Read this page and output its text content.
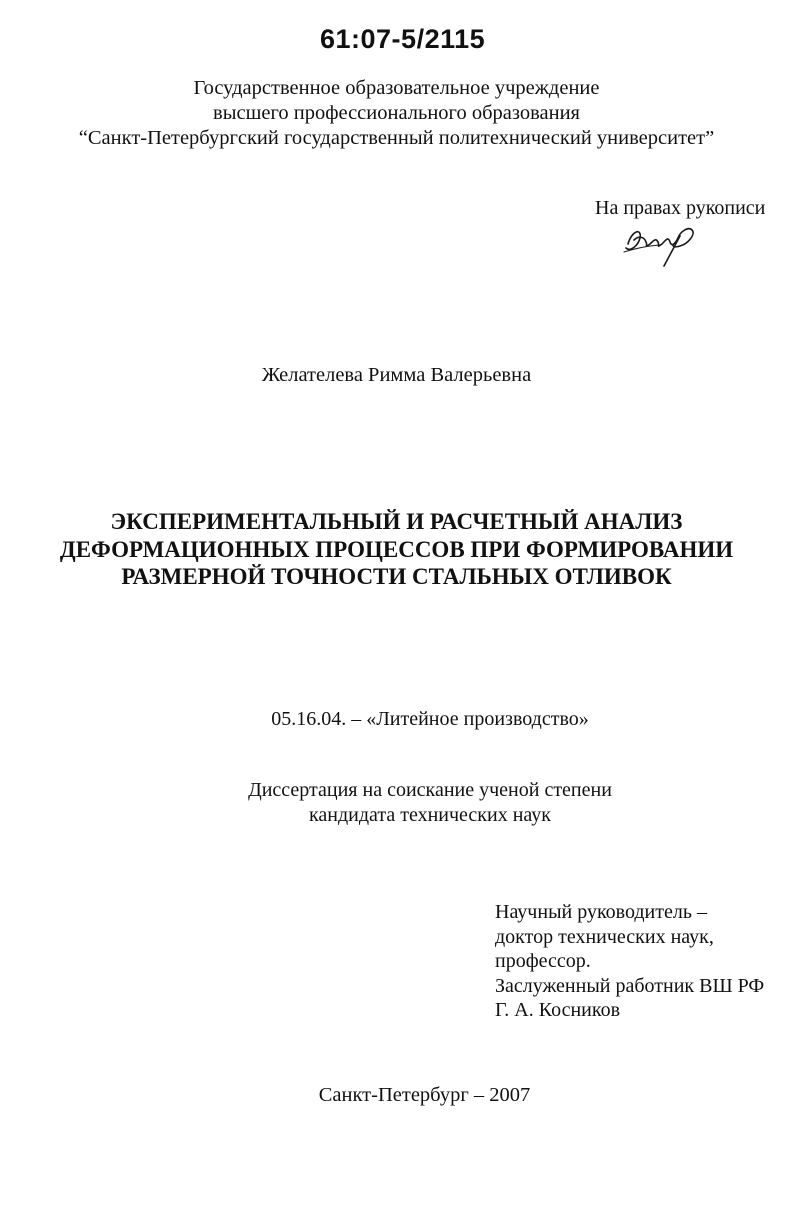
61:07-5/2115
Государственное образовательное учреждение
высшего профессионального образования
“Санкт-Петербургский государственный политехнический университет”
На правах рукописи
Желателева Римма Валерьевна
ЭКСПЕРИМЕНТАЛЬНЫЙ И РАСЧЕТНЫЙ АНАЛИЗ
ДЕФОРМАЦИОННЫХ ПРОЦЕССОВ ПРИ ФОРМИРОВАНИИ
РАЗМЕРНОЙ ТОЧНОСТИ СТАЛЬНЫХ ОТЛИВОК
05.16.04. – «Литейное производство»
Диссертация на соискание ученой степени
кандидата технических наук
Научный руководитель –
доктор технических наук,
профессор.
Заслуженный работник ВШ РФ
Г. А. Косников
Санкт-Петербург – 2007
